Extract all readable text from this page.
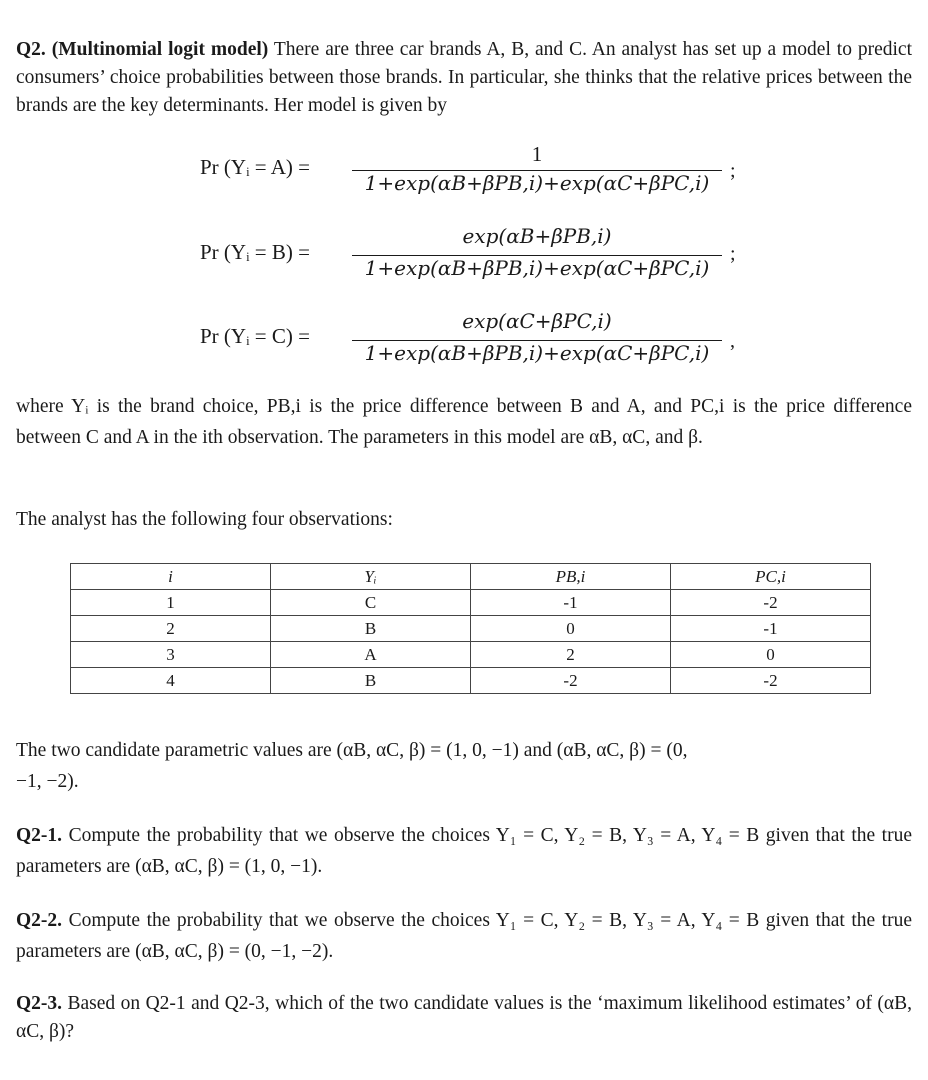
Q2. (Multinomial logit model) There are three car brands A, B, and C. An analyst has set up a model to predict consumers’ choice probabilities between those brands. In particular, she thinks that the relative prices between the brands are the key determinants. Her model is given by
Pr (Yᵢ = A) =
1
1+exp(αB+βPB,i)+exp(αC+βPC,i)	;
Pr (Yᵢ = B) =
exp(αB+βPB,i)
1+exp(αB+βPB,i)+exp(αC+βPC,i)
;
Pr (Yᵢ = C) =
exp(αC+βPC,i)
1+exp(αB+βPB,i)+exp(αC+βPC,i)	,
where Yᵢ is the brand choice, PB,i is the price difference between B and A, and PC,i is the price difference between C and A in the ith observation. The parameters in this model are αB, αC, and β.
The analyst has the following four observations:
i	Yᵢ	PB,i	PC,i
1	C	-1	-2
2	B	0	-1
3	A	2	0
4	B	-2	-2
The two candidate parametric values are (αB, αC, β) = (1, 0, −1) and (αB, αC, β) = (0, −1, −2).
Q2-1. Compute the probability that we observe the choices Y₁ = C, Y₂ = B, Y₃ = A, Y₄ = B given that the true parameters are (αB, αC, β) = (1, 0, −1).
Q2-2. Compute the probability that we observe the choices Y₁ = C, Y₂ = B, Y₃ = A, Y₄ = B given that the true parameters are (αB, αC, β) = (0, −1, −2).
Q2-3. Based on Q2-1 and Q2-3, which of the two candidate values is the ‘maximum likelihood estimates’ of (αB, αC, β)?
